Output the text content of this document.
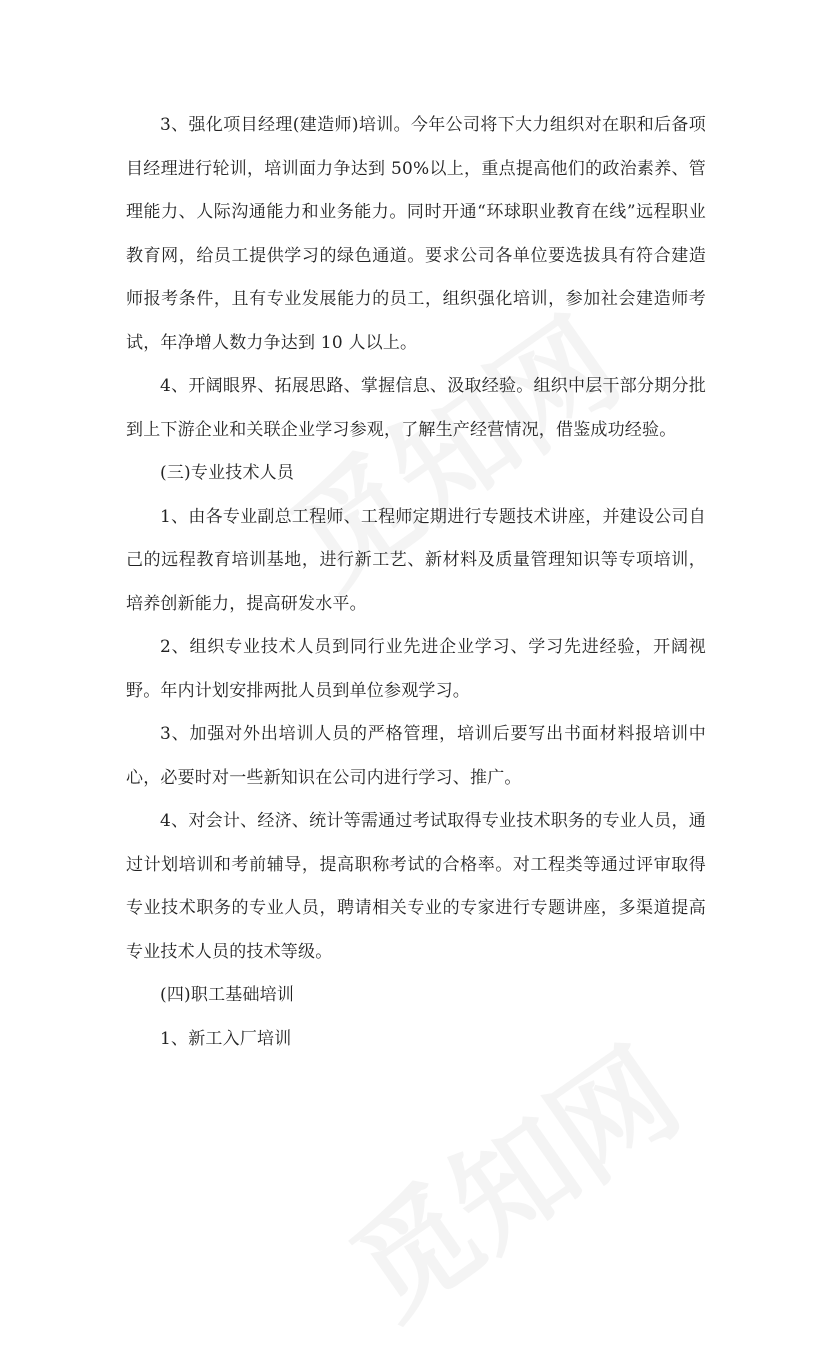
3、强化项目经理(建造师)培训。今年公司将下大力组织对在职和后备项目经理进行轮训，培训面力争达到 50%以上，重点提高他们的政治素养、管理能力、人际沟通能力和业务能力。同时开通“环球职业教育在线”远程职业教育网，给员工提供学习的绿色通道。要求公司各单位要选拔具有符合建造师报考条件，且有专业发展能力的员工，组织强化培训，参加社会建造师考试，年净增人数力争达到 10 人以上。

4、开阔眼界、拓展思路、掌握信息、汲取经验。组织中层干部分期分批到上下游企业和关联企业学习参观，了解生产经营情况，借鉴成功经验。

(三)专业技术人员

1、由各专业副总工程师、工程师定期进行专题技术讲座，并建设公司自己的远程教育培训基地，进行新工艺、新材料及质量管理知识等专项培训，培养创新能力，提高研发水平。

2、组织专业技术人员到同行业先进企业学习、学习先进经验，开阔视野。年内计划安排两批人员到单位参观学习。

3、加强对外出培训人员的严格管理，培训后要写出书面材料报培训中心，必要时对一些新知识在公司内进行学习、推广。

4、对会计、经济、统计等需通过考试取得专业技术职务的专业人员，通过计划培训和考前辅导，提高职称考试的合格率。对工程类等通过评审取得专业技术职务的专业人员，聘请相关专业的专家进行专题讲座，多渠道提高专业技术人员的技术等级。

(四)职工基础培训

1、新工入厂培训
